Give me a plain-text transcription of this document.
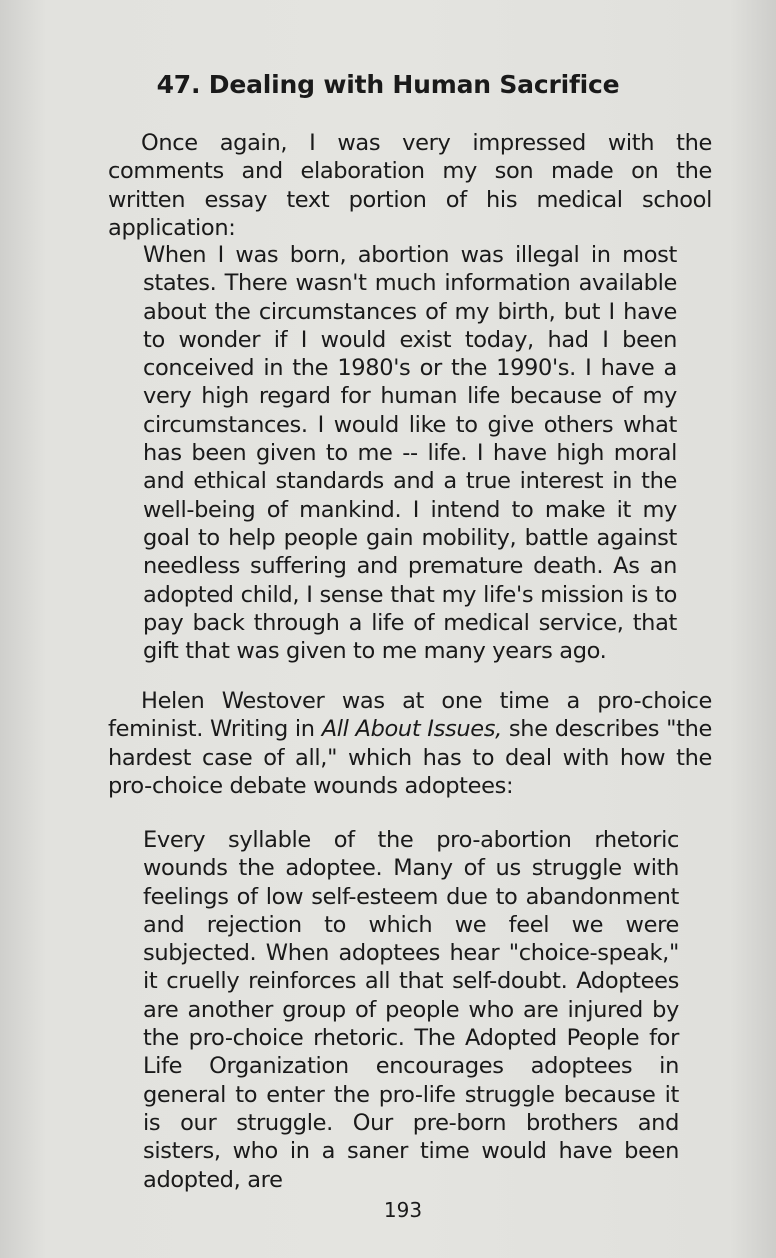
47. Dealing with Human Sacrifice

Once again, I was very impressed with the comments and elaboration my son made on the written essay text portion of his medical school application:

When I was born, abortion was illegal in most states. There wasn't much information available about the circumstances of my birth, but I have to wonder if I would exist today, had I been conceived in the 1980's or the 1990's. I have a very high regard for human life because of my circumstances. I would like to give others what has been given to me -- life. I have high moral and ethical standards and a true interest in the well-being of mankind. I intend to make it my goal to help people gain mobility, battle against needless suffering and premature death. As an adopted child, I sense that my life's mission is to pay back through a life of medical service, that gift that was given to me many years ago.

Helen Westover was at one time a pro-choice feminist. Writing in All About Issues, she describes "the hardest case of all," which has to deal with how the pro-choice debate wounds adoptees:

Every syllable of the pro-abortion rhetoric wounds the adoptee. Many of us struggle with feelings of low self-esteem due to abandonment and rejection to which we feel we were subjected. When adoptees hear "choice-speak," it cruelly reinforces all that self-doubt. Adoptees are another group of people who are injured by the pro-choice rhetoric. The Adopted People for Life Organization encourages adoptees in general to enter the pro-life struggle because it is our struggle. Our pre-born brothers and sisters, who in a saner time would have been adopted, are

193
